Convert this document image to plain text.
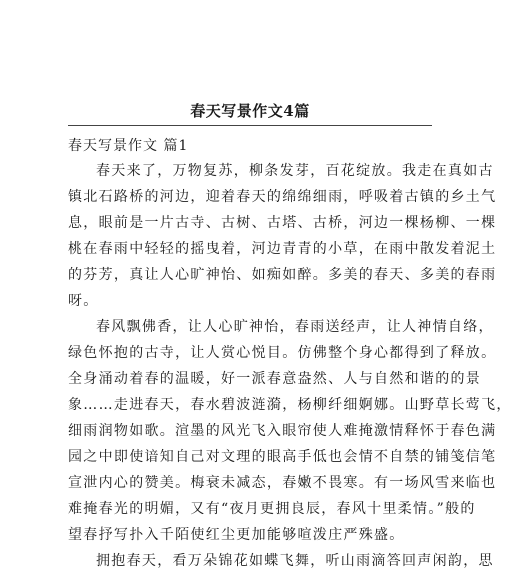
春天写景作文4篇
春天写景作文 篇1
春天来了，万物复苏，柳条发芽，百花绽放。我走在真如古
镇北石路桥的河边，迎着春天的绵绵细雨，呼吸着古镇的乡土气
息，眼前是一片古寺、古树、古塔、古桥，河边一棵杨柳、一棵
桃在春雨中轻轻的摇曳着，河边青青的小草，在雨中散发着泥土
的芬芳，真让人心旷神怡、如痴如醉。多美的春天、多美的春雨
呀。
春风飘佛香，让人心旷神怡，春雨送经声，让人神情自络，
绿色怀抱的古寺，让人赏心悦目。仿佛整个身心都得到了释放。
全身涌动着春的温暖，好一派春意盎然、人与自然和谐的的景
象……走进春天，春水碧波涟漪，杨柳纤细婀娜。山野草长莺飞，
细雨润物如歌。渲墨的风光飞入眼帘使人难掩激情释怀于春色满
园之中即使谙知自己对文理的眼高手低也会情不自禁的铺笺信笔
宣泄内心的赞美。梅衰未减态，春嫩不畏寒。有一场风雪来临也
难掩春光的明媚，又有“夜月更拥良辰，春风十里柔情。”般的
望春抒写扑入千陌使红尘更加能够喧泼庄严殊盛。
拥抱春天，看万朵锦花如蝶飞舞，听山雨滴答回声闲韵，思
